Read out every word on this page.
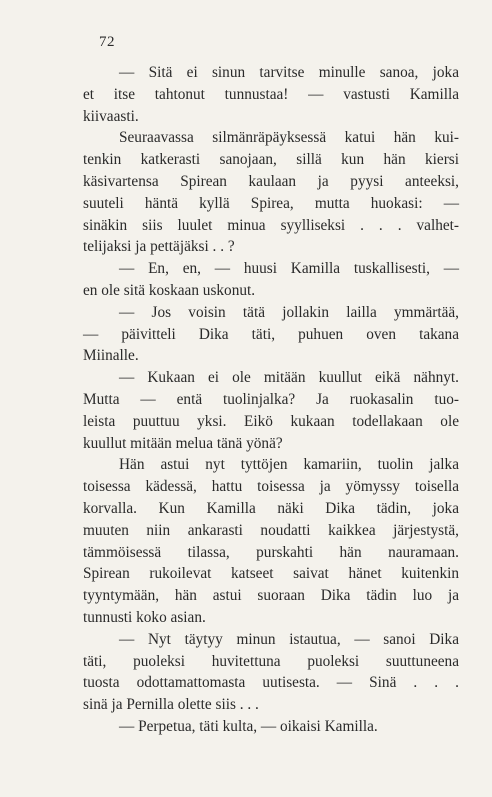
72
— Sitä ei sinun tarvitse minulle sanoa, joka
et itse tahtonut tunnustaa! — vastusti Kamilla
kiivaasti.
Seuraavassa silmänräpäyksessä katui hän kui-
tenkin katkerasti sanojaan, sillä kun hän kiersi
käsivartensa Spirean kaulaan ja pyysi anteeksi,
suuteli häntä kyllä Spirea, mutta huokasi: —
sinäkin siis luulet minua syylliseksi . . . valhet-
telijaksi ja pettäjäksi . . ?
— En, en, — huusi Kamilla tuskallisesti, —
en ole sitä koskaan uskonut.
— Jos voisin tätä jollakin lailla ymmärtää,
— päivitteli Dika täti, puhuen oven takana
Miinalle.
— Kukaan ei ole mitään kuullut eikä nähnyt.
Mutta — entä tuolinjalka? Ja ruokasalin tuo-
leista puuttuu yksi. Eikö kukaan todellakaan ole
kuullut mitään melua tänä yönä?
Hän astui nyt tyttöjen kamariin, tuolin jalka
toisessa kädessä, hattu toisessa ja yömyssy toisella
korvalla. Kun Kamilla näki Dika tädin, joka
muuten niin ankarasti noudatti kaikkea järjestystä,
tämmöisessä tilassa, purskahti hän nauramaan.
Spirean rukoilevat katseet saivat hänet kuitenkin
tyyntymään, hän astui suoraan Dika tädin luo ja
tunnusti koko asian.
— Nyt täytyy minun istautua, — sanoi Dika
täti, puoleksi huvitettuna puoleksi suuttuneena
tuosta odottamattomasta uutisesta. — Sinä . . .
sinä ja Pernilla olette siis . . .
— Perpetua, täti kulta, — oikaisi Kamilla.
